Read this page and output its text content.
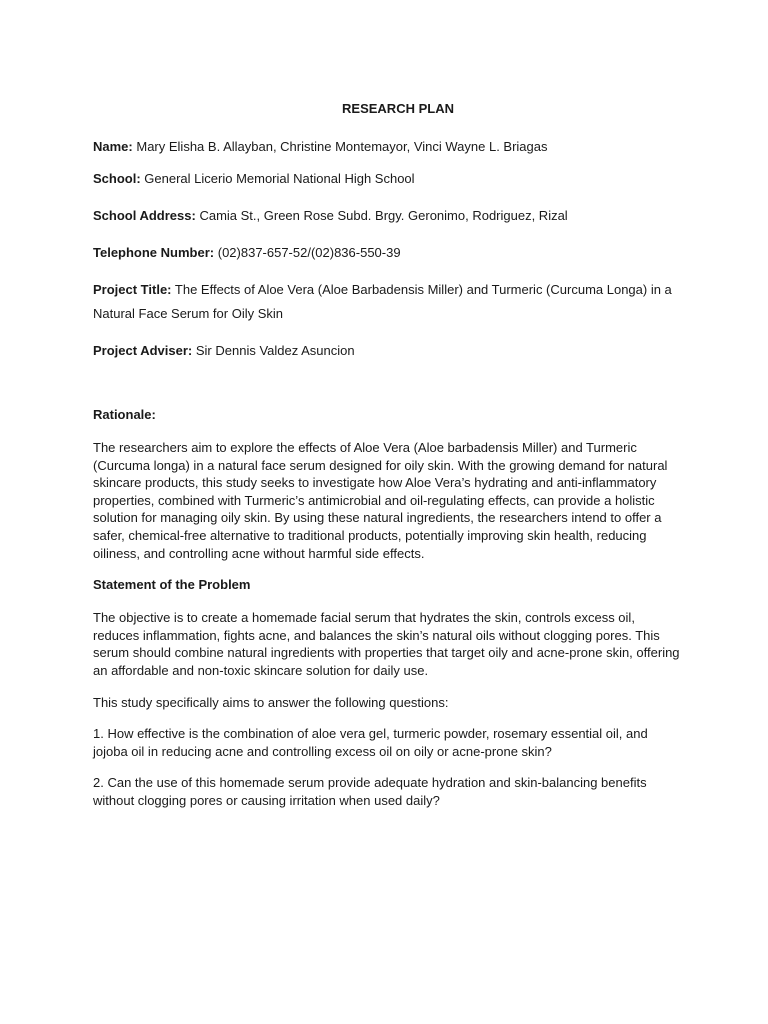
RESEARCH PLAN

Name: Mary Elisha B. Allayban, Christine Montemayor, Vinci Wayne L. Briagas

School: General Licerio Memorial National High School

School Address: Camia St., Green Rose Subd. Brgy. Geronimo, Rodriguez, Rizal

Telephone Number: (02)837-657-52/(02)836-550-39

Project Title: The Effects of Aloe Vera (Aloe Barbadensis Miller) and Turmeric (Curcuma Longa) in a Natural Face Serum for Oily Skin

Project Adviser: Sir Dennis Valdez Asuncion

Rationale:

The researchers aim to explore the effects of Aloe Vera (Aloe barbadensis Miller) and Turmeric (Curcuma longa) in a natural face serum designed for oily skin. With the growing demand for natural skincare products, this study seeks to investigate how Aloe Vera’s hydrating and anti-inflammatory properties, combined with Turmeric’s antimicrobial and oil-regulating effects, can provide a holistic solution for managing oily skin. By using these natural ingredients, the researchers intend to offer a safer, chemical-free alternative to traditional products, potentially improving skin health, reducing oiliness, and controlling acne without harmful side effects.

Statement of the Problem

The objective is to create a homemade facial serum that hydrates the skin, controls excess oil, reduces inflammation, fights acne, and balances the skin’s natural oils without clogging pores. This serum should combine natural ingredients with properties that target oily and acne-prone skin, offering an affordable and non-toxic skincare solution for daily use.

This study specifically aims to answer the following questions:

1. How effective is the combination of aloe vera gel, turmeric powder, rosemary essential oil, and jojoba oil in reducing acne and controlling excess oil on oily or acne-prone skin?

2. Can the use of this homemade serum provide adequate hydration and skin-balancing benefits without clogging pores or causing irritation when used daily?
